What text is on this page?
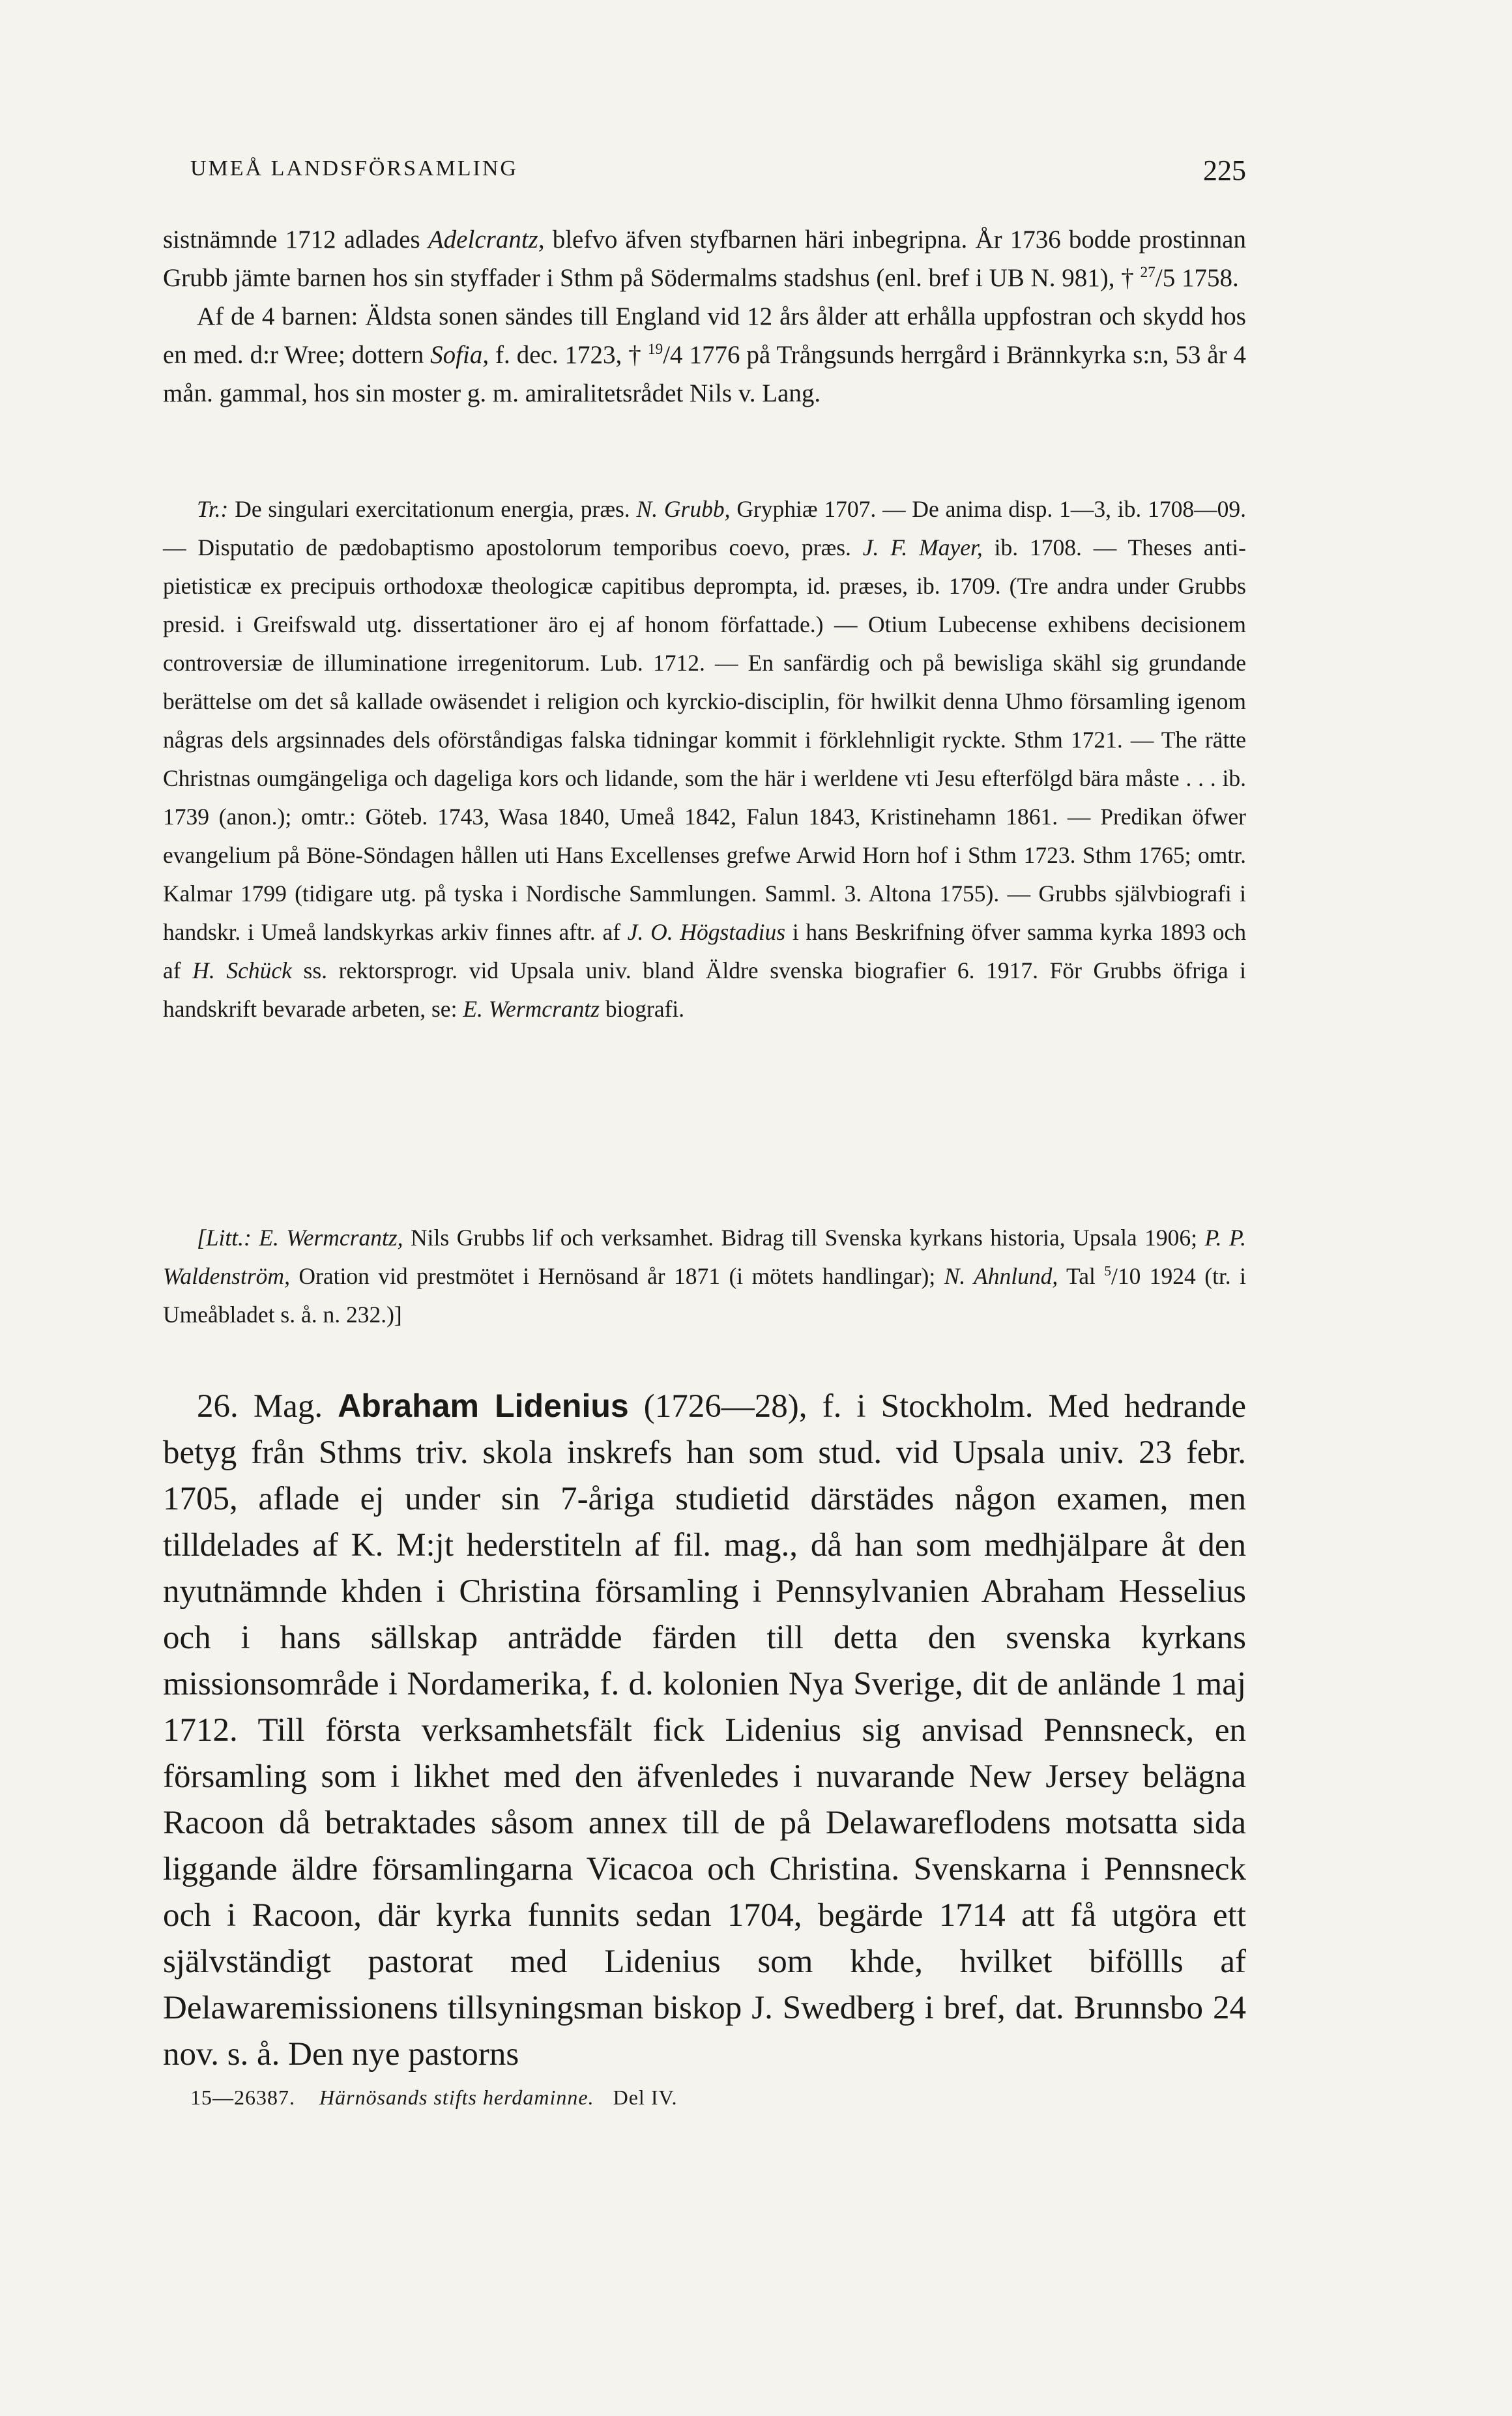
UMEÅ LANDSFÖRSAMLING	225

sistnämnde 1712 adlades Adelcrantz, blefvo äfven styfbarnen häri inbegripna. År 1736 bodde prostinnan Grubb jämte barnen hos sin styffader i Sthm på Södermalms stadshus (enl. bref i UB N. 981), † $^{27}$/5 1758.

Af de 4 barnen: Äldsta sonen sändes till England vid 12 års ålder att erhålla uppfostran och skydd hos en med. d:r Wree; dottern Sofia, f. dec. 1723, † $^{19}$/4 1776 på Trångsunds herrgård i Brännkyrka s:n, 53 år 4 mån. gammal, hos sin moster g. m. amiralitetsrådet Nils v. Lang.

Tr.: De singulari exercitationum energia, præs. N. Grubb, Gryphiæ 1707. — De anima disp. 1—3, ib. 1708—09. — Disputatio de pædobaptismo apostolorum temporibus coevo, præs. J. F. Mayer, ib. 1708. — Theses anti-pietisticæ ex precipuis orthodoxæ theologicæ capitibus deprompta, id. præses, ib. 1709. (Tre andra under Grubbs presid. i Greifswald utg. dissertationer äro ej af honom författade.) — Otium Lubecense exhibens decisionem controversiæ de illuminatione irregenitorum. Lub. 1712. — En sanfärdig och på bewisliga skähl sig grundande berättelse om det så kallade owäsendet i religion och kyrckio-disciplin, för hwilkit denna Uhmo församling igenom någras dels argsinnades dels oförståndigas falska tidningar kommit i förklehnligit ryckte. Sthm 1721. — The rätte Christnas oumgängeliga och dageliga kors och lidande, som the här i werldene vti Jesu efterfölgd bära måste . . . ib. 1739 (anon.); omtr.: Göteb. 1743, Wasa 1840, Umeå 1842, Falun 1843, Kristinehamn 1861. — Predikan öfwer evangelium på Böne-Söndagen hållen uti Hans Excellenses grefwe Arwid Horn hof i Sthm 1723. Sthm 1765; omtr. Kalmar 1799 (tidigare utg. på tyska i Nordische Sammlungen. Samml. 3. Altona 1755). — Grubbs självbiografi i handskr. i Umeå landskyrkas arkiv finnes aftr. af J. O. Högstadius i hans Beskrifning öfver samma kyrka 1893 och af H. Schück ss. rektorsprogr. vid Upsala univ. bland Äldre svenska biografier 6. 1917. För Grubbs öfriga i handskrift bevarade arbeten, se: E. Wermcrantz biografi.

[Litt.: E. Wermcrantz, Nils Grubbs lif och verksamhet. Bidrag till Svenska kyrkans historia, Upsala 1906; P. P. Waldenström, Oration vid prestmötet i Hernösand år 1871 (i mötets handlingar); N. Ahnlund, Tal $^5$/10 1924 (tr. i Umeåbladet s. å. n. 232.)]

26. Mag. Abraham Lidenius (1726—28), f. i Stockholm. Med hedrande betyg från Sthms triv. skola inskrefs han som stud. vid Upsala univ. 23 febr. 1705, aflade ej under sin 7-åriga studietid därstädes någon examen, men tilldelades af K. M:jt hederstiteln af fil. mag., då han som medhjälpare åt den nyutnämnde khden i Christina församling i Pennsylvanien Abraham Hesselius och i hans sällskap anträdde färden till detta den svenska kyrkans missionsområde i Nordamerika, f. d. kolonien Nya Sverige, dit de anlände 1 maj 1712. Till första verksamhetsfält fick Lidenius sig anvisad Pennsneck, en församling som i likhet med den äfvenledes i nuvarande New Jersey belägna Racoon då betraktades såsom annex till de på Delawareflodens motsatta sida liggande äldre församlingarna Vicacoa och Christina. Svenskarna i Pennsneck och i Racoon, där kyrka funnits sedan 1704, begärde 1714 att få utgöra ett självständigt pastorat med Lidenius som khde, hvilket biföllls af Delawaremissionens tillsyningsman biskop J. Swedberg i bref, dat. Brunnsbo 24 nov. s. å. Den nye pastorns

15—26387. Härnösands stifts herdaminne. Del IV.
